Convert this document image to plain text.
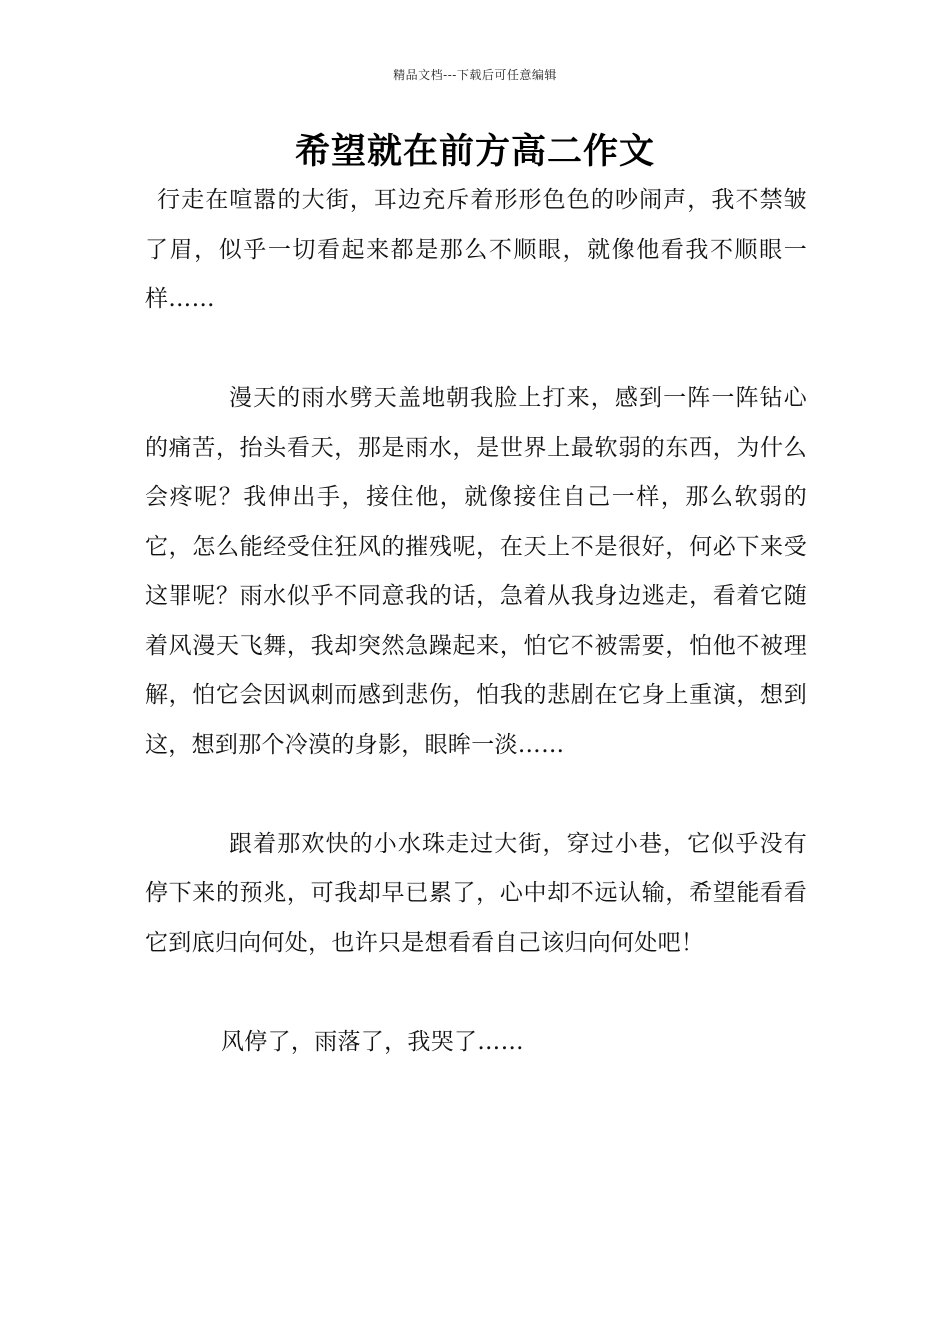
精品文档---下载后可任意编辑
希望就在前方高二作文

行走在喧嚣的大街，耳边充斥着形形色色的吵闹声，我不禁皱了眉，似乎一切看起来都是那么不顺眼，就像他看我不顺眼一样……

漫天的雨水劈天盖地朝我脸上打来，感到一阵一阵钻心的痛苦，抬头看天，那是雨水，是世界上最软弱的东西，为什么会疼呢？我伸出手，接住他，就像接住自己一样，那么软弱的它，怎么能经受住狂风的摧残呢，在天上不是很好，何必下来受这罪呢？雨水似乎不同意我的话，急着从我身边逃走，看着它随着风漫天飞舞，我却突然急躁起来，怕它不被需要，怕他不被理解，怕它会因讽刺而感到悲伤，怕我的悲剧在它身上重演，想到这，想到那个冷漠的身影，眼眸一淡……

跟着那欢快的小水珠走过大街，穿过小巷，它似乎没有停下来的预兆，可我却早已累了，心中却不远认输，希望能看看它到底归向何处，也许只是想看看自己该归向何处吧！

风停了，雨落了，我哭了……
